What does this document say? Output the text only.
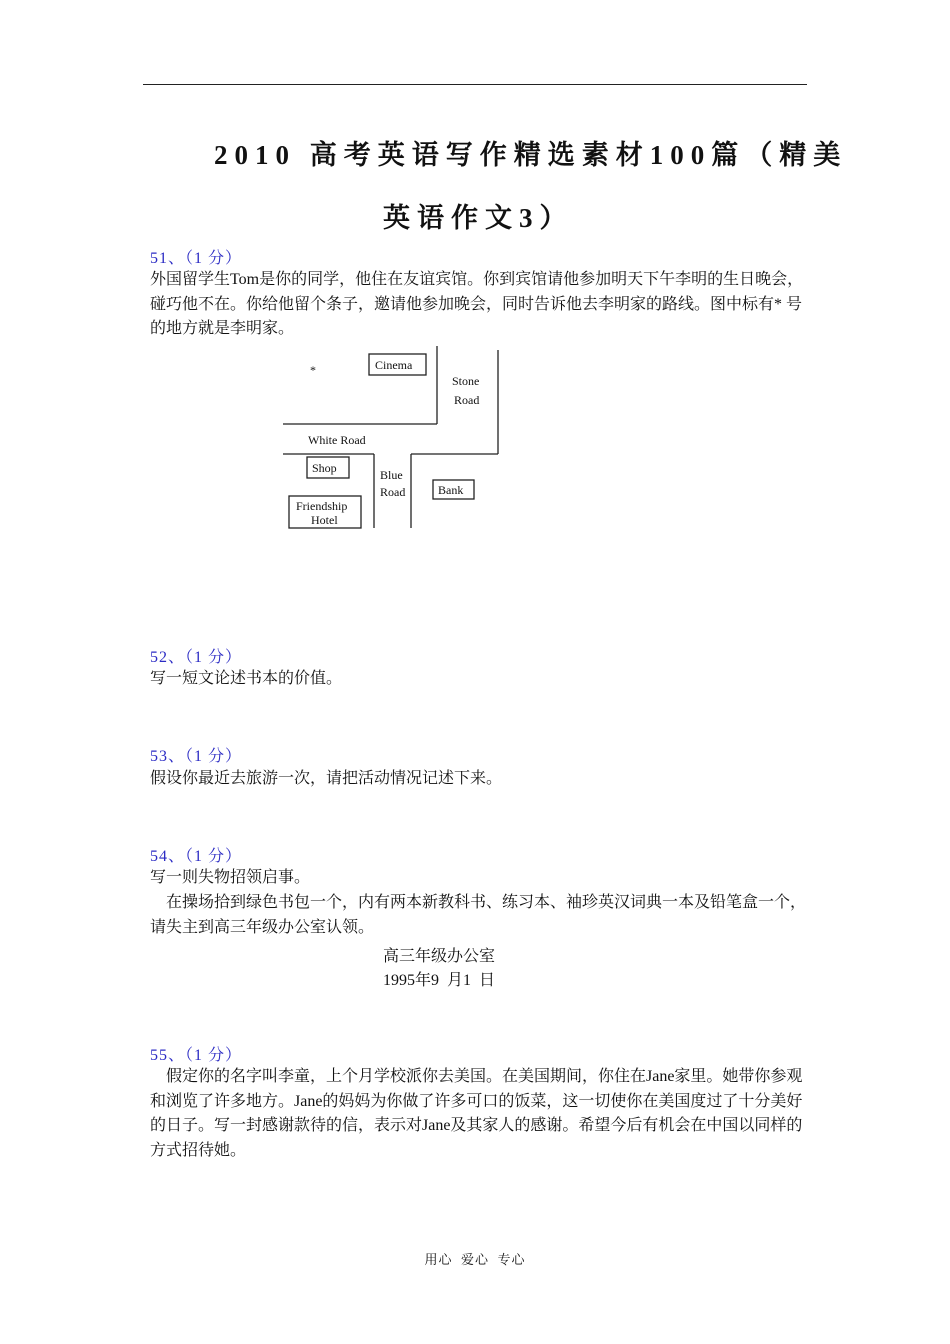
2010 高考英语写作精选素材100篇（精美
英语作文3）
51、（1 分）
外国留学生Tom是你的同学，他住在友谊宾馆。你到宾馆请他参加明天下午李明的生日晚会，碰巧他不在。你给他留个条子，邀请他参加晚会，同时告诉他去李明家的路线。图中标有* 号的地方就是李明家。
*	Cinema
Stone
Road
White Road
Shop	Blue
Road	Bank
Friendship
Hotel
52、（1 分）
写一短文论述书本的价值。
53、（1 分）
假设你最近去旅游一次，请把活动情况记述下来。
54、（1 分）
写一则失物招领启事。
在操场拾到绿色书包一个，内有两本新教科书、练习本、袖珍英汉词典一本及铅笔盒一个，请失主到高三年级办公室认领。
高三年级办公室
1995年9  月1  日
55、（1 分）
假定你的名字叫李童，上个月学校派你去美国。在美国期间，你住在Jane家里。她带你参观和浏览了许多地方。Jane的妈妈为你做了许多可口的饭菜，这一切使你在美国度过了十分美好的日子。写一封感谢款待的信，表示对Jane及其家人的感谢。希望今后有机会在中国以同样的方式招待她。
用心  爱心  专心
